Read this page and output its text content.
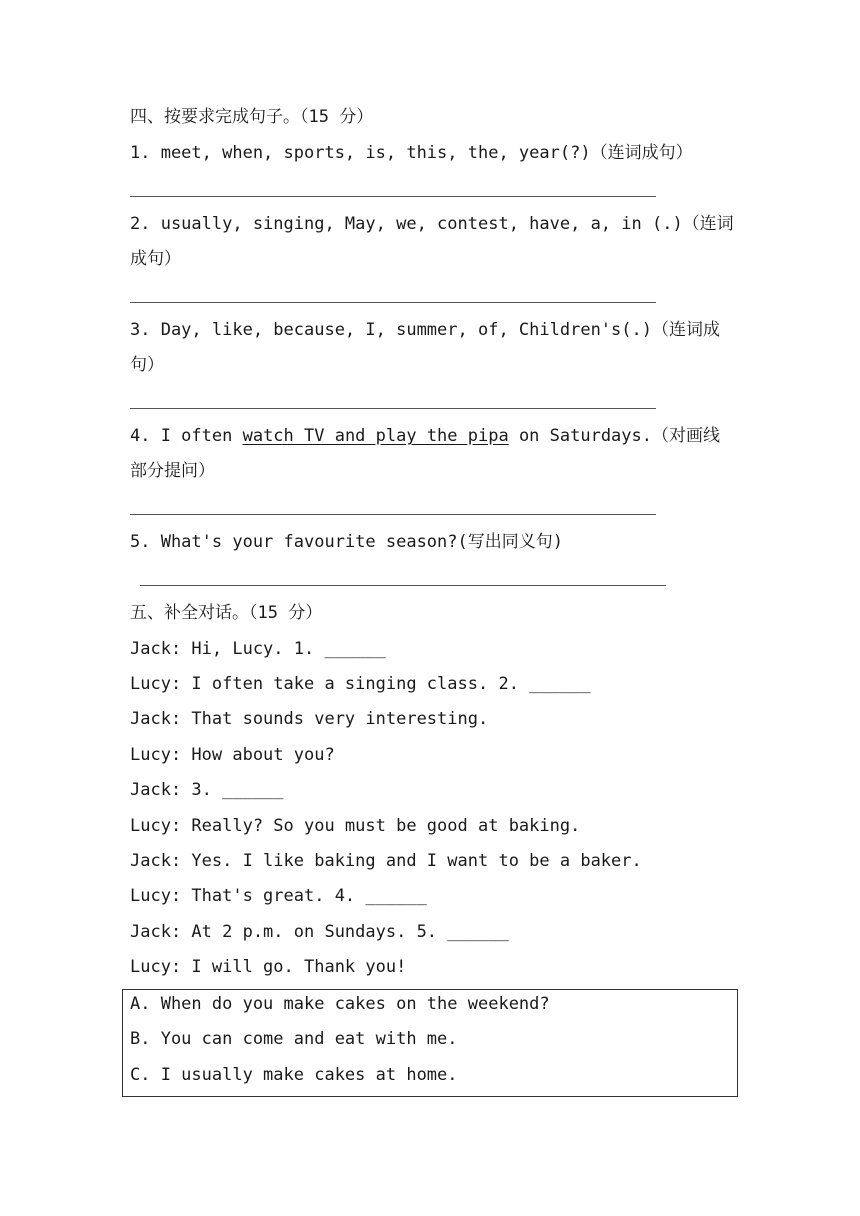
四、按要求完成句子。（15 分）
1. meet, when, sports, is, this, the, year(?)（连词成句）
2. usually, singing, May, we, contest, have, a, in (.)（连词
成句）
3. Day, like, because, I, summer, of, Children's(.)（连词成
句）
4. I often watch TV and play the pipa on Saturdays.（对画线
部分提问）
5. What's your favourite season?(写出同义句)
五、补全对话。（15 分）
Jack: Hi, Lucy. 1. ______
Lucy: I often take a singing class. 2. ______
Jack: That sounds very interesting.
Lucy: How about you?
Jack: 3. ______
Lucy: Really? So you must be good at baking.
Jack: Yes. I like baking and I want to be a baker.
Lucy: That's great. 4. ______
Jack: At 2 p.m. on Sundays. 5. ______
Lucy: I will go. Thank you!
A. When do you make cakes on the weekend?
B. You can come and eat with me.
C. I usually make cakes at home.
